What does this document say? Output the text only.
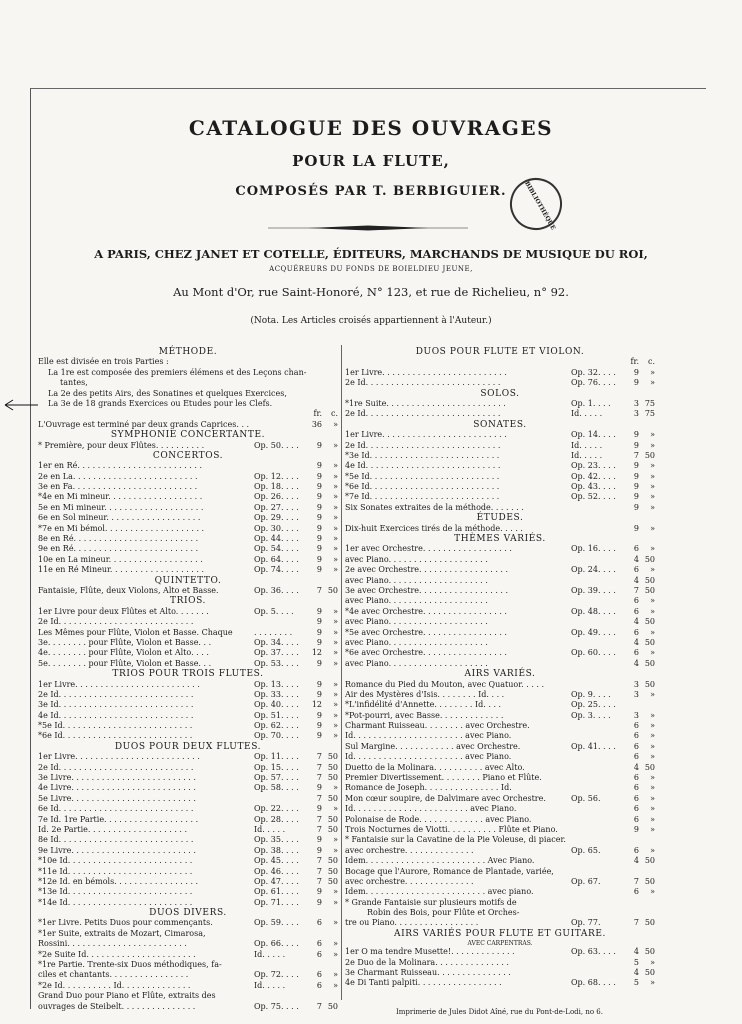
CATALOGUE DES OUVRAGES
POUR LA FLUTE,
COMPOSÉS PAR T. BERBIGUIER.	BIBLIOTHÈQUE
A PARIS, CHEZ JANET ET COTELLE, ÉDITEURS, MARCHANDS DE MUSIQUE DU ROI,
ACQUÉREURS DU FONDS DE BOIELDIEU JEUNE,
Au Mont d'Or, rue Saint-Honoré, N° 123, et rue de Richelieu, n° 92.
(Nota. Les Articles croisés appartiennent à l'Auteur.)
MÉTHODE.
Elle est divisée en trois Parties :
La 1re est composée des premiers élémens et des Leçons chan-
tantes,
La 2e des petits Airs, des Sonatines et quelques Exercices,
La 3e de 18 grands Exercices ou Études pour les Clefs.
fr.	c.
L'Ouvrage est terminé par deux grands Caprices. . .	36	»
SYMPHONIE CONCERTANTE.
* Première, pour deux Flûtes. . . . . . . . . .	Op. 50. . . .	9	»
CONCERTOS.
1er en Ré. . . . . . . . . . . . . . . . . . . . . . . . .	9	»
2e en La. . . . . . . . . . . . . . . . . . . . . . . . .	Op. 12. . . .	9	»
3e en Fa. . . . . . . . . . . . . . . . . . . . . . . . .	Op. 18. . . .	9	»
*4e en Mi mineur. . . . . . . . . . . . . . . . . . .	Op. 26. . . .	9	»
5e en Mi mineur. . . . . . . . . . . . . . . . . . . .	Op. 27. . . .	9	»
6e en Sol mineur. . . . . . . . . . . . . . . . . . .	Op. 29. . . .	9	»
*7e en Mi bémol. . . . . . . . . . . . . . . . . . . .	Op. 30. . . .	9	»
8e en Ré. . . . . . . . . . . . . . . . . . . . . . . . .	Op. 44. . . .	9	»
9e en Ré. . . . . . . . . . . . . . . . . . . . . . . . .	Op. 54. . . .	9	»
10e en La mineur. . . . . . . . . . . . . . . . . . .	Op. 64. . . .	9	»
11e en Ré Mineur. . . . . . . . . . . . . . . . . . .	Op. 74. . . .	9	»
QUINTETTO.
Fantaisie, Flûte, deux Violons, Alto et Basse.	Op. 36. . . .	7 50
TRIOS.
1er Livre pour deux Flûtes et Alto. . . . . . .	Op. 5. . . .	9	»
2e Id. . . . . . . . . . . . . . . . . . . . . . . . . . .	9	»
Les Mêmes pour Flûte, Violon et Basse. Chaque	. . . . . . . .	9	»
3e. . . . . . . . pour Flûte, Violon et Basse. . .	Op. 34. . . .	9	»
4e. . . . . . . . pour Flûte, Violon et Alto. . . .	Op. 37. . . .	12	»
5e. . . . . . . . pour Flûte, Violon et Basse. . .	Op. 53. . . .	9	»
TRIOS POUR TROIS FLUTES.
1er Livre. . . . . . . . . . . . . . . . . . . . . . . . .	Op. 13. . . .	9	»
2e Id. . . . . . . . . . . . . . . . . . . . . . . . . . .	Op. 33. . . .	9	»
3e Id. . . . . . . . . . . . . . . . . . . . . . . . . . .	Op. 40. . . .	12	»
4e Id. . . . . . . . . . . . . . . . . . . . . . . . . . .	Op. 51. . . .	9	»
*5e Id. . . . . . . . . . . . . . . . . . . . . . . . . .	Op. 62. . . .	9	»
*6e Id. . . . . . . . . . . . . . . . . . . . . . . . . .	Op. 70. . . .	9	»
DUOS POUR DEUX FLUTES.
1er Livre. . . . . . . . . . . . . . . . . . . . . . . . .	Op. 11. . . .	7 50
2e Id. . . . . . . . . . . . . . . . . . . . . . . . . . .	Op. 15. . . .	7 50
3e Livre. . . . . . . . . . . . . . . . . . . . . . . . .	Op. 57. . . .	7 50
4e Livre. . . . . . . . . . . . . . . . . . . . . . . . .	Op. 58. . . .	9	»
5e Livre. . . . . . . . . . . . . . . . . . . . . . . . .	7 50
6e Id. . . . . . . . . . . . . . . . . . . . . . . . . . .	Op. 22. . . .	9	»
7e Id. 1re Partie. . . . . . . . . . . . . . . . . . .	Op. 28. . . .	7 50
Id. 2e Partie. . . . . . . . . . . . . . . . . . . .	Id. . . . .	7 50
8e Id. . . . . . . . . . . . . . . . . . . . . . . . . . .	Op. 35. . . .	9	»
9e Livre. . . . . . . . . . . . . . . . . . . . . . . . .	Op. 38. . . .	9	»
*10e Id. . . . . . . . . . . . . . . . . . . . . . . . .	Op. 45. . . .	7 50
*11e Id. . . . . . . . . . . . . . . . . . . . . . . . .	Op. 46. . . .	7 50
*12e Id. en bémols. . . . . . . . . . . . . . . . .	Op. 47. . . .	7 50
*13e Id. . . . . . . . . . . . . . . . . . . . . . . . .	Op. 61. . . .	9	»
*14e Id. . . . . . . . . . . . . . . . . . . . . . . . .	Op. 71. . . .	9	»
DUOS DIVERS.
*1er Livre. Petits Duos pour commençants.	Op. 59. . . .	6	»
*1er Suite, extraits de Mozart, Cimarosa,
Rossini. . . . . . . . . . . . . . . . . . . . . . . .	Op. 66. . . .	6	»
*2e Suite Id. . . . . . . . . . . . . . . . . . . . . .	Id. . . . .	6	»
*1re Partie. Trente-six Duos méthodiques, fa-
ciles et chantants. . . . . . . . . . . . . . . .	Op. 72. . . .	6	»
*2e Id. . . . . . . . . . Id. . . . . . . . . . . . . .	Id. . . . .	6	»
Grand Duo pour Piano et Flûte, extraits des
ouvrages de Steibelt. . . . . . . . . . . . . . .	Op. 75. . . .	7 50
DUOS POUR FLUTE ET VIOLON.
fr.	c.
1er Livre. . . . . . . . . . . . . . . . . . . . . . . . .	Op. 32. . . .	9	»
2e Id. . . . . . . . . . . . . . . . . . . . . . . . . . .	Op. 76. . . .	9	»
SOLOS.
*1re Suite. . . . . . . . . . . . . . . . . . . . . . . .	Op. 1. . . .	3 75
2e Id. . . . . . . . . . . . . . . . . . . . . . . . . . .	Id. . . . .	3 75
SONATES.
1er Livre. . . . . . . . . . . . . . . . . . . . . . . . .	Op. 14. . . .	9	»
2e Id. . . . . . . . . . . . . . . . . . . . . . . . . . .	Id. . . . .	9	»
*3e Id. . . . . . . . . . . . . . . . . . . . . . . . . .	Id. . . . .	7 50
4e Id. . . . . . . . . . . . . . . . . . . . . . . . . . .	Op. 23. . . .	9	»
*5e Id. . . . . . . . . . . . . . . . . . . . . . . . . .	Op. 42. . . .	9	»
*6e Id. . . . . . . . . . . . . . . . . . . . . . . . . .	Op. 43. . . .	9	»
*7e Id. . . . . . . . . . . . . . . . . . . . . . . . . .	Op. 52. . . .	9	»
Six Sonates extraites de la méthode. . . . . . .	9	»
ÉTUDES.
Dix-huit Exercices tirés de la méthode. . . . .	9	»
THÈMES VARIÉS.
1er avec Orchestre. . . . . . . . . . . . . . . . . .	Op. 16. . . .	6	»
avec Piano. . . . . . . . . . . . . . . . . . . .	4 50
2e avec Orchestre. . . . . . . . . . . . . . . . . .	Op. 24. . . .	6	»
avec Piano. . . . . . . . . . . . . . . . . . . .	4 50
3e avec Orchestre. . . . . . . . . . . . . . . . . .	Op. 39. . . .	7 50
avec Piano. . . . . . . . . . . . . . . . . . . .	6	»
*4e avec Orchestre. . . . . . . . . . . . . . . . .	Op. 48. . . .	6	»
avec Piano. . . . . . . . . . . . . . . . . . . .	4 50
*5e avec Orchestre. . . . . . . . . . . . . . . . .	Op. 49. . . .	6	»
avec Piano. . . . . . . . . . . . . . . . . . . .	4 50
*6e avec Orchestre. . . . . . . . . . . . . . . . .	Op. 60. . . .	6	»
avec Piano. . . . . . . . . . . . . . . . . . . .	4 50
AIRS VARIÉS.
Romance du Pied du Mouton, avec Quatuor. . . . .	3 50
Air des Mystères d'Isis. . . . . . . . Id. . . .	Op. 9. . . .	3	»
*L'infidélité d'Annette. . . . . . . . Id. . . .	Op. 25. . . .
*Pot-pourri, avec Basse. . . . . . . . . . . . .	Op. 3. . . .	3	»
Charmant Ruisseau. . . . . . . . avec Orchestre.	6	»
Id. . . . . . . . . . . . . . . . . . . . . . avec Piano.	6	»
Sul Margine. . . . . . . . . . . . avec Orchestre.	Op. 41. . . .	6	»
Id. . . . . . . . . . . . . . . . . . . . . . avec Piano.	6	»
Duetto de la Molinara. . . . . . . . . . avec Alto.	4 50
Premier Divertissement. . . . . . . . Piano et Flûte.	6	»
Romance de Joseph. . . . . . . . . . . . . . . Id.	6	»
Mon cœur soupire, de Dalvimare avec Orchestre.	Op. 56.	6	»
Id. . . . . . . . . . . . . . . . . . . . . . . avec Piano.	6	»
Polonaise de Rode. . . . . . . . . . . . . avec Piano.	6	»
Trois Nocturnes de Viotti. . . . . . . . . . Flûte et Piano.	9	»
* Fantaisie sur la Cavatine de la Pie Voleuse, di piacer.
avec orchestre. . . . . . . . . . . . . .	Op. 65.	6	»
Idem. . . . . . . . . . . . . . . . . . . . . . . . Avec Piano.	4 50
Bocage que l'Aurore, Romance de Plantade, variée,
avec orchestre. . . . . . . . . . . . . .	Op. 67.	7 50
Idem. . . . . . . . . . . . . . . . . . . . . . . . avec piano.	6	»
* Grande Fantaisie sur plusieurs motifs de
Robin des Bois, pour Flûte et Orches-
tre ou Piano. . . . . . . . . . . . . . . . .	Op. 77.	7 50
AIRS VARIÉS POUR FLUTE ET GUITARE.
AVEC CARPENTRAS.
1er O ma tendre Musette!. . . . . . . . . . . . .	Op. 63. . . .	4 50
2e Duo de la Molinara. . . . . . . . . . . . . . .	5	»
3e Charmant Ruisseau. . . . . . . . . . . . . . .	4 50
4e Di Tanti palpiti. . . . . . . . . . . . . . . . .	Op. 68. . . .	5	»
Imprimerie de Jules Didot Aîné, rue du Pont-de-Lodi, no 6.
